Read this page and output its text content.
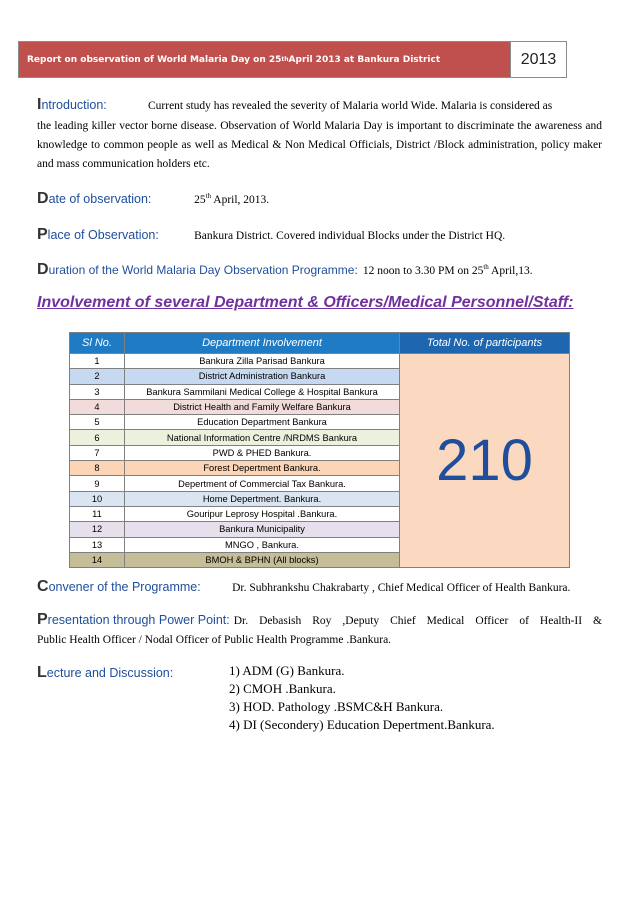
Report on observation of World Malaria Day on 25 th April 2013 at Bankura District	2013
Introduction:	Current study has revealed the severity of Malaria world Wide. Malaria is considered as
the leading killer vector borne disease. Observation of World Malaria Day is important to discriminate the awareness and knowledge to common people as well as Medical & Non Medical Officials, District /Block administration, policy maker and mass communication holders etc.
Date of observation:	25th April, 2013.
Place of Observation:	Bankura District. Covered individual Blocks under the District HQ.
Duration of the World Malaria Day Observation Programme: 12 noon to 3.30 PM on 25th April,13.
Involvement of several Department & Officers/Medical Personnel/Staff:
Sl No.	Department Involvement	Total No. of participants
1	Bankura Zilla Parisad Bankura	210
2	District Administration Bankura	
3	Bankura Sammilani Medical College & Hospital Bankura	
4	District Health and Family Welfare Bankura	
5	Education Department Bankura	
6	National Information Centre /NRDMS Bankura	
7	PWD & PHED Bankura.	
8	Forest Depertment Bankura.	
9	Depertment of Commercial Tax Bankura.	
10	Home Depertment. Bankura.	
11	Gouripur Leprosy Hospital .Bankura.	
12	Bankura Municipality	
13	MNGO , Bankura.	
14	BMOH & BPHN (All blocks)	
Convener of the Programme:	Dr. Subhrankshu Chakrabarty , Chief Medical Officer of Health Bankura.
Presentation through Power Point: Dr. Debasish Roy ,Deputy Chief Medical Officer of Health-II &
Public Health Officer / Nodal Officer of Public Health Programme .Bankura.
Lecture and Discussion:	1) ADM (G) Bankura.
2) CMOH .Bankura.
3) HOD. Pathology .BSMC&H Bankura.
4) DI (Secondery) Education Depertment.Bankura.
